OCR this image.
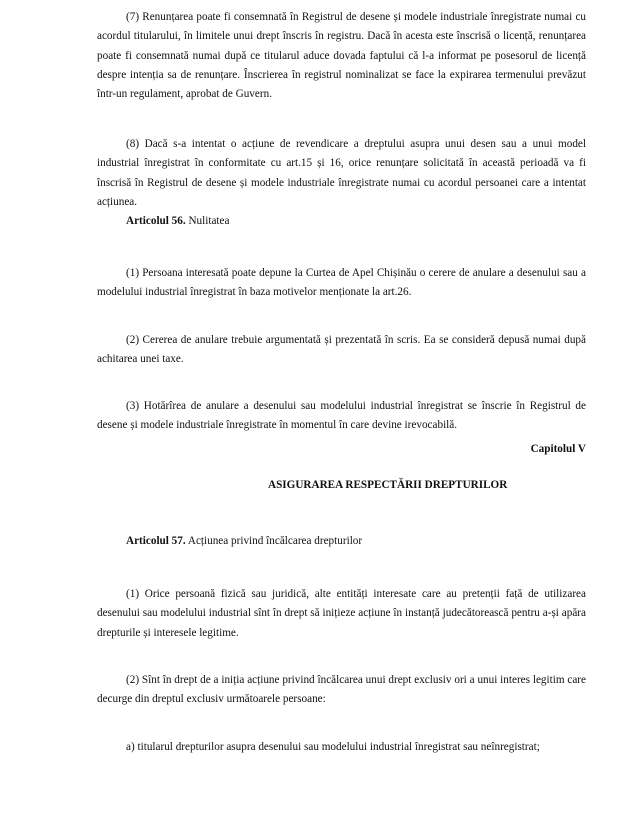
(7) Renunțarea poate fi consemnată în Registrul de desene și modele industriale înregistrate numai cu acordul titularului, în limitele unui drept înscris în registru. Dacă în acesta este înscrisă o licență, renunțarea poate fi consemnată numai după ce titularul aduce dovada faptului că l-a informat pe posesorul de licență despre intenția sa de renunțare. Înscrierea în registrul nominalizat se face la expirarea termenului prevăzut într-un regulament, aprobat de Guvern.

(8) Dacă s-a intentat o acțiune de revendicare a dreptului asupra unui desen sau a unui model industrial înregistrat în conformitate cu art.15 și 16, orice renunțare solicitată în această perioadă va fi înscrisă în Registrul de desene și modele industriale înregistrate numai cu acordul persoanei care a intentat acțiunea.

Articolul 56. Nulitatea

(1) Persoana interesată poate depune la Curtea de Apel Chișinău o cerere de anulare a desenului sau a modelului industrial înregistrat în baza motivelor menționate la art.26.

(2) Cererea de anulare trebuie argumentată și prezentată în scris. Ea se consideră depusă numai după achitarea unei taxe.

(3) Hotărîrea de anulare a desenului sau modelului industrial înregistrat se înscrie în Registrul de desene și modele industriale înregistrate în momentul în care devine irevocabilă.

Capitolul V
ASIGURAREA RESPECTĂRII DREPTURILOR
Articolul 57. Acțiunea privind încălcarea drepturilor

(1) Orice persoană fizică sau juridică, alte entități interesate care au pretenții față de utilizarea desenului sau modelului industrial sînt în drept să inițieze acțiune în instanță judecătorească pentru a-și apăra drepturile și interesele legitime.

(2) Sînt în drept de a iniția acțiune privind încălcarea unui drept exclusiv ori a unui interes legitim care decurge din dreptul exclusiv următoarele persoane:

a) titularul drepturilor asupra desenului sau modelului industrial înregistrat sau neînregistrat;
